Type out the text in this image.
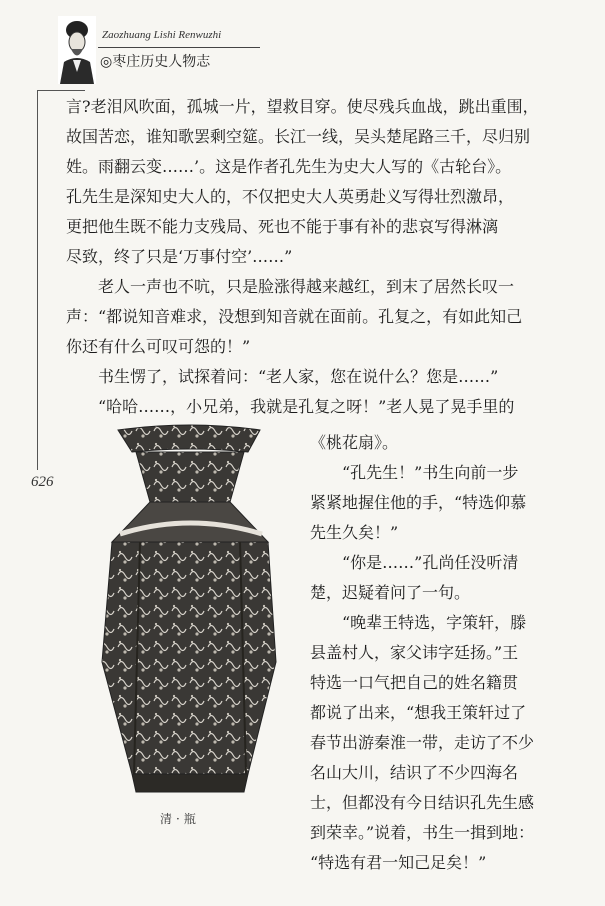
Zaozhuang Lishi Renwuzhi
◎枣庄历史人物志
626

言?老泪风吹面，孤城一片，望救目穿。使尽残兵血战，跳出重围，

故国苦恋，谁知歌罢剩空筵。长江一线，吴头楚尾路三千，尽归别

姓。雨翻云变……’。这是作者孔先生为史大人写的《古轮台》。

孔先生是深知史大人的，不仅把史大人英勇赴义写得壮烈激昂，

更把他生既不能力支残局、死也不能于事有补的悲哀写得淋漓

尽致，终了只是‘万事付空’……”

老人一声也不吭，只是脸涨得越来越红，到末了居然长叹一

声：“都说知音难求，没想到知音就在面前。孔复之，有如此知己

你还有什么可叹可怨的！”

书生愣了，试探着问：“老人家，您在说什么？您是……”

“哈哈……，小兄弟，我就是孔复之呀！”老人晃了晃手里的

《桃花扇》。

“孔先生！”书生向前一步

紧紧地握住他的手，“特选仰慕

先生久矣！”

“你是……”孔尚任没听清

楚，迟疑着问了一句。

“晚辈王特选，字策轩，滕

县盖村人，家父讳字廷扬。”王

特选一口气把自己的姓名籍贯

都说了出来，“想我王策轩过了

春节出游秦淮一带，走访了不少

名山大川，结识了不少四海名

士，但都没有今日结识孔先生感

到荣幸。”说着，书生一揖到地：

“特选有君一知己足矣！”

清·瓶
